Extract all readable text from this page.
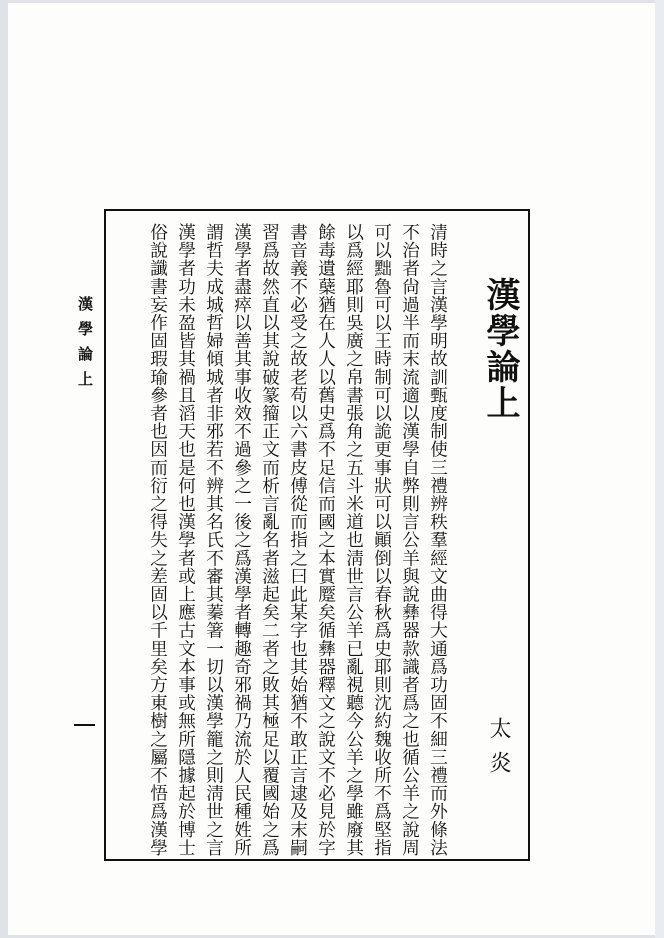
漢學論上	漢學論上
太炎
清時之言漢學明故訓甄度制使三禮辨秩羣經文曲得大通爲功固不細三禮而外條法
不治者尙過半而末流適以漢學自弊則言公羊與說彝器款識者爲之也循公羊之說周
可以黜魯可以王時制可以詭更事狀可以顚倒以春秋爲史耶則沈約魏收所不爲堅指
以爲經耶則吳廣之帛書張角之五斗米道也淸世言公羊已亂視聽今公羊之學雖廢其
餘毒遺蘖猶在人人以舊史爲不足信而國之本實蹷矣循彝器釋文之說文不必見於字
書音義不必受之故老苟以六書皮傅從而指之曰此某字也其始猶不敢正言逮及末嗣
習爲故然直以其說破篆籀正文而析言亂名者滋起矣二者之敗其極足以覆國始之爲
漢學者盡瘁以善其事收效不過參之一後之爲漢學者轉趣奇邪禍乃流於人民種姓所
謂哲夫成城哲婦傾城者非邪若不辨其名氏不審其蓁箸一切以漢學籠之則淸世之言
漢學者功未盈皆其禍且滔天也是何也漢學者或上應古文本事或無所隱據起於博士
俗說讖書妄作固瑕瑜參者也因而衍之得失之差固以千里矣方東樹之屬不悟爲漢學
